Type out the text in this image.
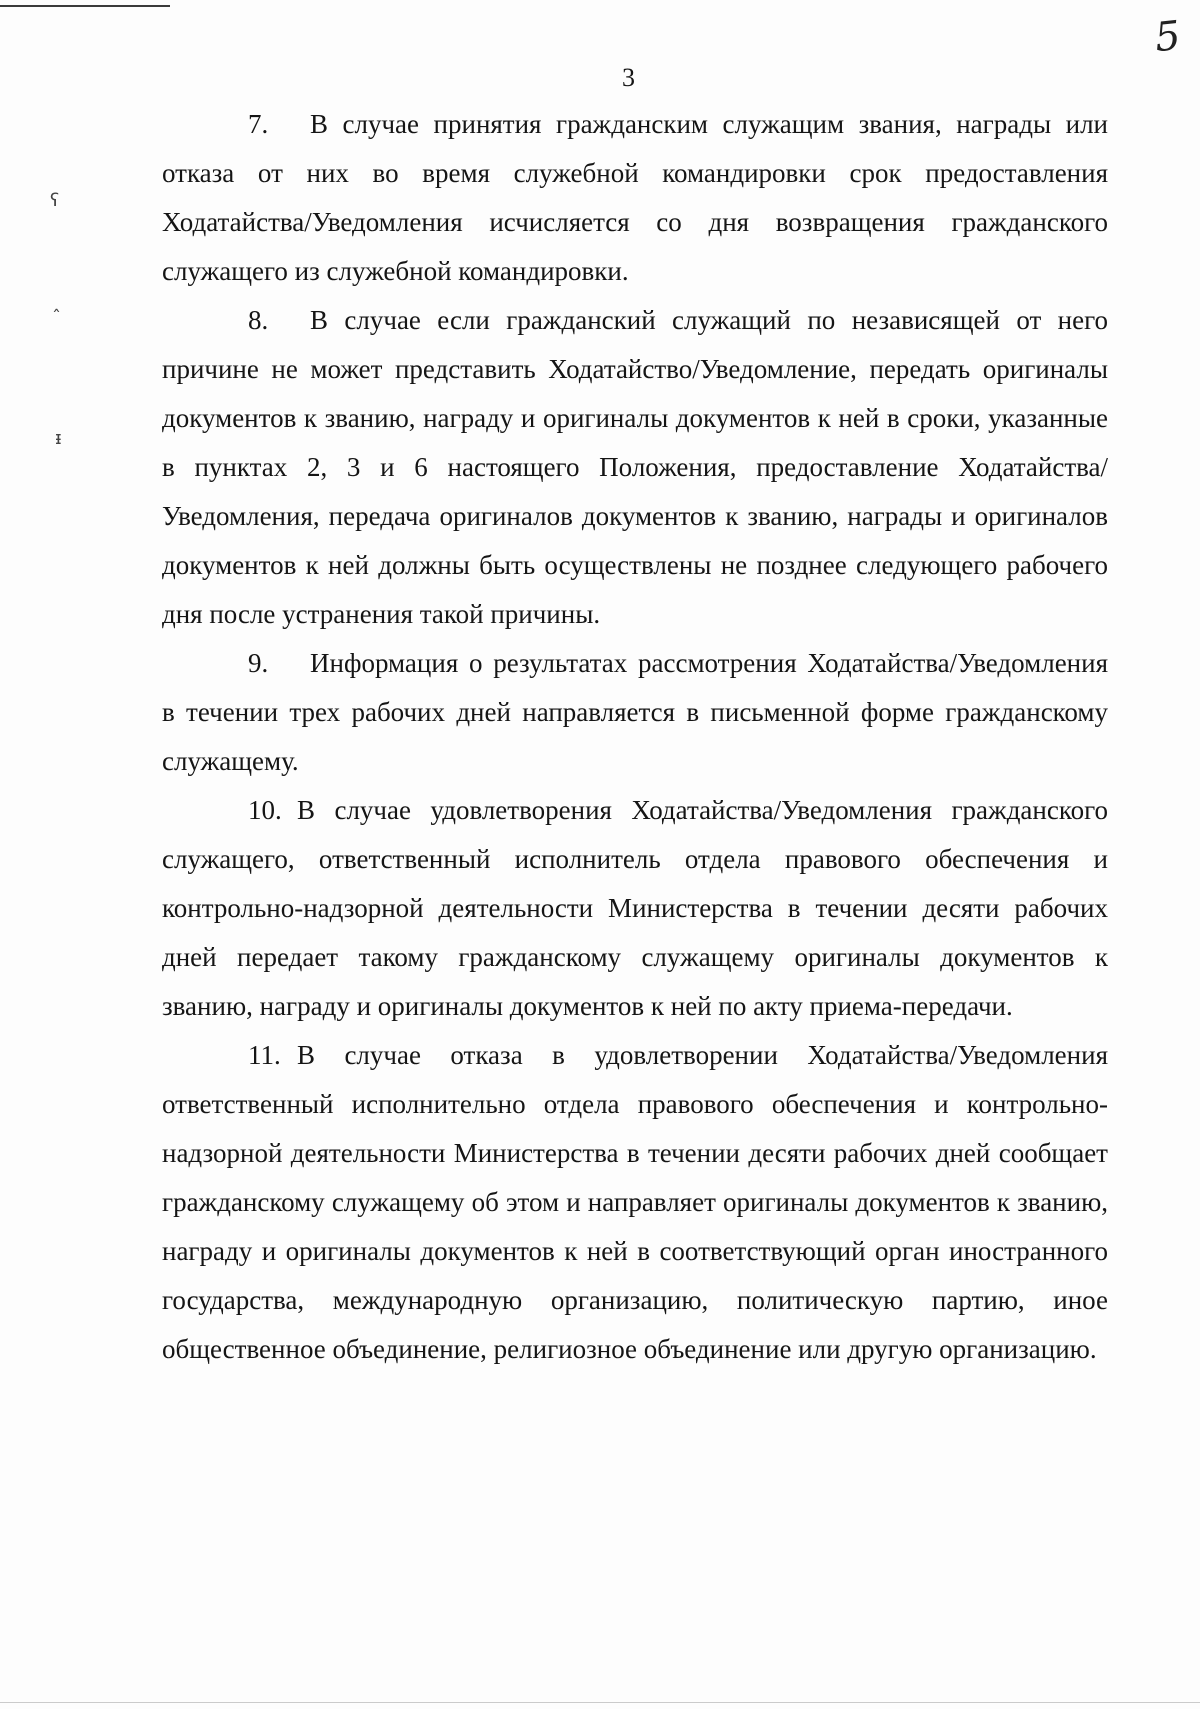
5
3
ʕ
ˆ
ᵻ

7. В случае принятия гражданским служащим звания, награды или отказа от них во время служебной командировки срок предоставления Ходатайства/Уведомления исчисляется со дня возвращения гражданского служащего из служебной командировки.

8. В случае если гражданский служащий по независящей от него причине не может представить Ходатайство/Уведомление, передать оригиналы документов к званию, награду и оригиналы документов к ней в сроки, указанные в пунктах 2, 3 и 6 настоящего Положения, предоставление Ходатайства/Уведомления, передача оригиналов документов к званию, награды и оригиналов документов к ней должны быть осуществлены не позднее следующего рабочего дня после устранения такой причины.

9. Информация о результатах рассмотрения Ходатайства/Уведомления в течении трех рабочих дней направляется в письменной форме гражданскому служащему.

10. В случае удовлетворения Ходатайства/Уведомления гражданского служащего, ответственный исполнитель отдела правового обеспечения и контрольно-надзорной деятельности Министерства в течении десяти рабочих дней передает такому гражданскому служащему оригиналы документов к званию, награду и оригиналы документов к ней по акту приема-передачи.

11. В случае отказа в удовлетворении Ходатайства/Уведомления ответственный исполнительно отдела правового обеспечения и контрольно-надзорной деятельности Министерства в течении десяти рабочих дней сообщает гражданскому служащему об этом и направляет оригиналы документов к званию, награду и оригиналы документов к ней в соответствующий орган иностранного государства, международную организацию, политическую партию, иное общественное объединение, религиозное объединение или другую организацию.
